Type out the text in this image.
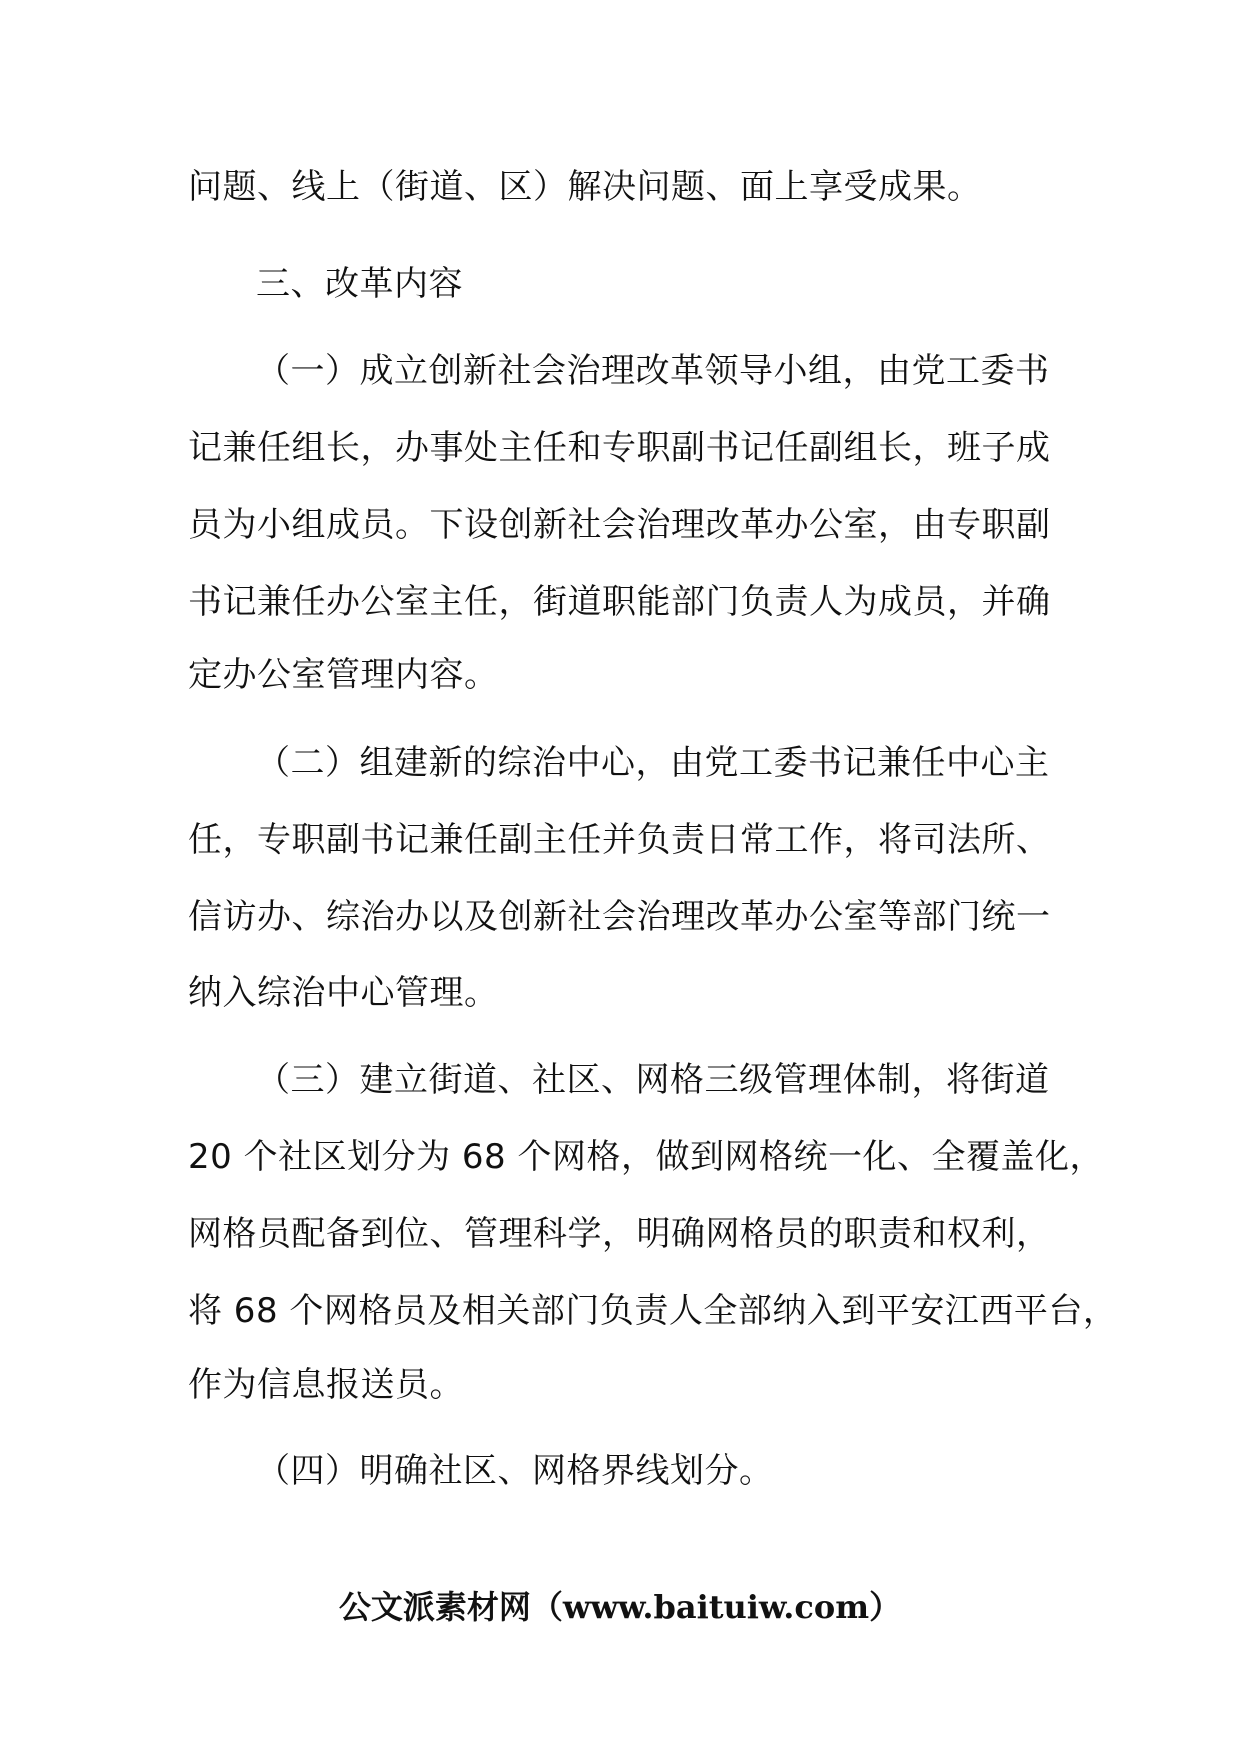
问题、线上（街道、区）解决问题、面上享受成果。
三、改革内容
（一）成立创新社会治理改革领导小组，由党工委书
记兼任组长，办事处主任和专职副书记任副组长，班子成
员为小组成员。下设创新社会治理改革办公室，由专职副
书记兼任办公室主任，街道职能部门负责人为成员，并确
定办公室管理内容。
（二）组建新的综治中心，由党工委书记兼任中心主
任，专职副书记兼任副主任并负责日常工作，将司法所、
信访办、综治办以及创新社会治理改革办公室等部门统一
纳入综治中心管理。
（三）建立街道、社区、网格三级管理体制，将街道
20 个社区划分为 68 个网格，做到网格统一化、全覆盖化，
网格员配备到位、管理科学，明确网格员的职责和权利，
将 68 个网格员及相关部门负责人全部纳入到平安江西平台，
作为信息报送员。
（四）明确社区、网格界线划分。
公文派素材网（www.baituiw.com）
